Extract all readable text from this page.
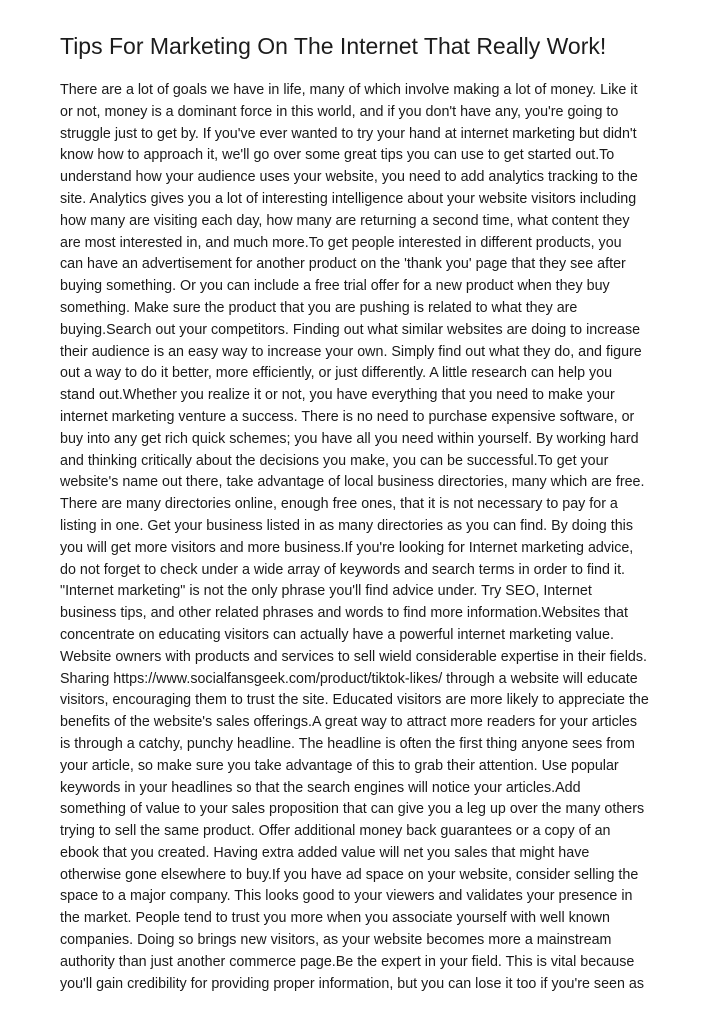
Tips For Marketing On The Internet That Really Work!

There are a lot of goals we have in life, many of which involve making a lot of money. Like it
or not, money is a dominant force in this world, and if you don't have any, you're going to
struggle just to get by. If you've ever wanted to try your hand at internet marketing but didn't
know how to approach it, we'll go over some great tips you can use to get started out.To
understand how your audience uses your website, you need to add analytics tracking to the
site. Analytics gives you a lot of interesting intelligence about your website visitors including
how many are visiting each day, how many are returning a second time, what content they
are most interested in, and much more.To get people interested in different products, you
can have an advertisement for another product on the 'thank you' page that they see after
buying something. Or you can include a free trial offer for a new product when they buy
something. Make sure the product that you are pushing is related to what they are
buying.Search out your competitors. Finding out what similar websites are doing to increase
their audience is an easy way to increase your own. Simply find out what they do, and figure
out a way to do it better, more efficiently, or just differently. A little research can help you
stand out.Whether you realize it or not, you have everything that you need to make your
internet marketing venture a success. There is no need to purchase expensive software, or
buy into any get rich quick schemes; you have all you need within yourself. By working hard
and thinking critically about the decisions you make, you can be successful.To get your
website's name out there, take advantage of local business directories, many which are free.
There are many directories online, enough free ones, that it is not necessary to pay for a
listing in one. Get your business listed in as many directories as you can find. By doing this
you will get more visitors and more business.If you're looking for Internet marketing advice,
do not forget to check under a wide array of keywords and search terms in order to find it.
"Internet marketing" is not the only phrase you'll find advice under. Try SEO, Internet
business tips, and other related phrases and words to find more information.Websites that
concentrate on educating visitors can actually have a powerful internet marketing value.
Website owners with products and services to sell wield considerable expertise in their fields.
Sharing https://www.socialfansgeek.com/product/tiktok-likes/ through a website will educate
visitors, encouraging them to trust the site. Educated visitors are more likely to appreciate the
benefits of the website's sales offerings.A great way to attract more readers for your articles
is through a catchy, punchy headline. The headline is often the first thing anyone sees from
your article, so make sure you take advantage of this to grab their attention. Use popular
keywords in your headlines so that the search engines will notice your articles.Add
something of value to your sales proposition that can give you a leg up over the many others
trying to sell the same product. Offer additional money back guarantees or a copy of an
ebook that you created. Having extra added value will net you sales that might have
otherwise gone elsewhere to buy.If you have ad space on your website, consider selling the
space to a major company. This looks good to your viewers and validates your presence in
the market. People tend to trust you more when you associate yourself with well known
companies. Doing so brings new visitors, as your website becomes more a mainstream
authority than just another commerce page.Be the expert in your field. This is vital because
you'll gain credibility for providing proper information, but you can lose it too if you're seen as
